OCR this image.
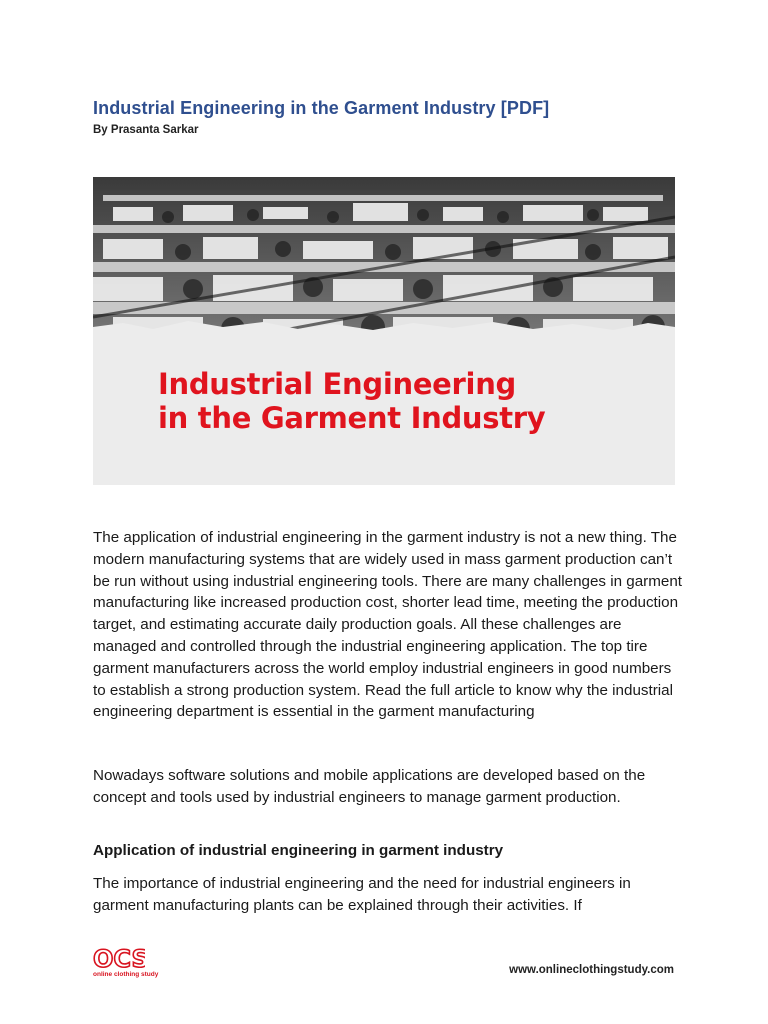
Industrial Engineering in the Garment Industry [PDF]
By Prasanta Sarkar
Industrial Engineering
in the Garment Industry
The application of industrial engineering in the garment industry is not a new thing. The modern manufacturing systems that are widely used in mass garment production can’t be run without using industrial engineering tools. There are many challenges in garment manufacturing like increased production cost, shorter lead time, meeting the production target, and estimating accurate daily production goals. All these challenges are managed and controlled through the industrial engineering application. The top tire garment manufacturers across the world employ industrial engineers in good numbers to establish a strong production system. Read the full article to know why the industrial engineering department is essential in the garment manufacturing
Nowadays software solutions and mobile applications are developed based on the concept and tools used by industrial engineers to manage garment production.
Application of industrial engineering in garment industry
The importance of industrial engineering and the need for industrial engineers in garment manufacturing plants can be explained through their activities. If
OCS
online clothing study	www.onlineclothingstudy.com
